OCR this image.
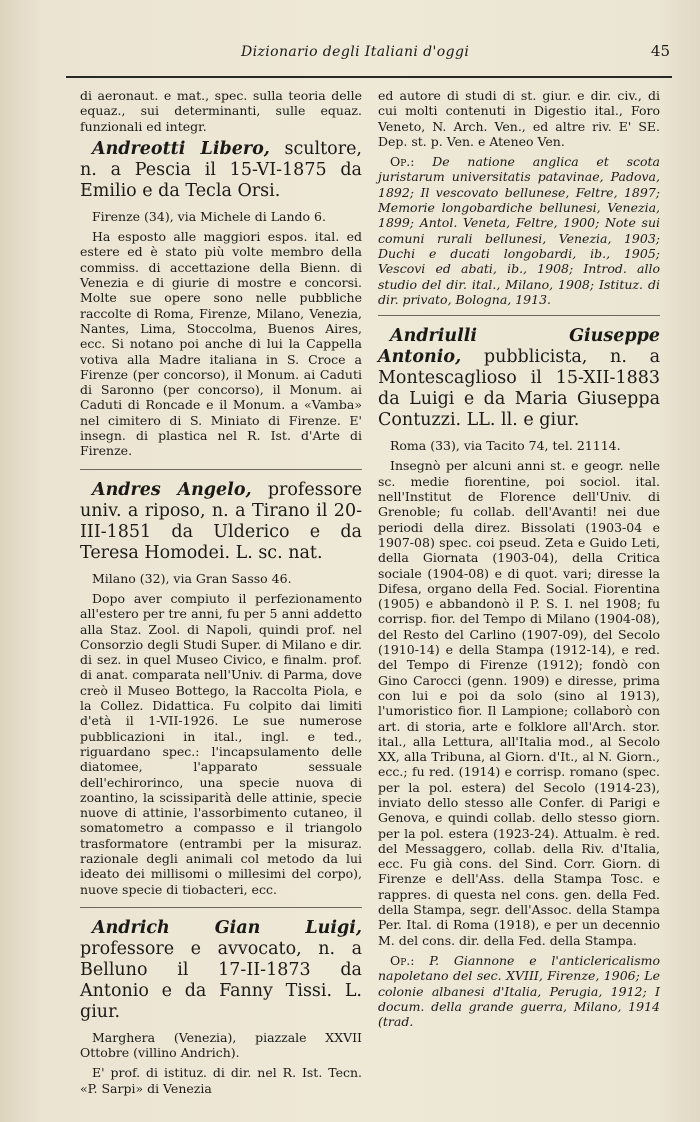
Dizionario degli Italiani d'oggi	45

di aeronaut. e mat., spec. sulla teoria delle equaz., sui determinanti, sulle equaz. funzionali ed integr.

Andreotti Libero, scultore, n. a Pescia il 15-VI-1875 da Emilio e da Tecla Orsi.

Firenze (34), via Michele di Lando 6.

Ha esposto alle maggiori espos. ital. ed estere ed è stato più volte membro della commiss. di accettazione della Bienn. di Venezia e di giurie di mostre e concorsi. Molte sue opere sono nelle pubbliche raccolte di Roma, Firenze, Milano, Venezia, Nantes, Lima, Stoccolma, Buenos Aires, ecc. Si notano poi anche di lui la Cappella votiva alla Madre italiana in S. Croce a Firenze (per concorso), il Monum. ai Caduti di Saronno (per concorso), il Monum. ai Caduti di Roncade e il Monum. a «Vamba» nel cimitero di S. Miniato di Firenze. E' insegn. di plastica nel R. Ist. d'Arte di Firenze.

Andres Angelo, professore univ. a riposo, n. a Tirano il 20-III-1851 da Ulderico e da Teresa Homodei. L. sc. nat.

Milano (32), via Gran Sasso 46.

Dopo aver compiuto il perfezionamento all'estero per tre anni, fu per 5 anni addetto alla Staz. Zool. di Napoli, quindi prof. nel Consorzio degli Studi Super. di Milano e dir. di sez. in quel Museo Civico, e finalm. prof. di anat. comparata nell'Univ. di Parma, dove creò il Museo Bottego, la Raccolta Piola, e la Collez. Didattica. Fu colpito dai limiti d'età il 1-VII-1926. Le sue numerose pubblicazioni in ital., ingl. e ted., riguardano spec.: l'incapsulamento delle diatomee, l'apparato sessuale dell'echirorinco, una specie nuova di zoantino, la scissiparità delle attinie, specie nuove di attinie, l'assorbimento cutaneo, il somatometro a compasso e il triangolo trasformatore (entrambi per la misuraz. razionale degli animali col metodo da lui ideato dei millisomi o millesimi del corpo), nuove specie di tiobacteri, ecc.

Andrich Gian Luigi, professore e avvocato, n. a Belluno il 17-II-1873 da Antonio e da Fanny Tissi. L. giur.

Marghera (Venezia), piazzale XXVII Ottobre (villino Andrich).

E' prof. di istituz. di dir. nel R. Ist. Tecn. «P. Sarpi» di Venezia

ed autore di studi di st. giur. e dir. civ., di cui molti contenuti in Digestio ital., Foro Veneto, N. Arch. Ven., ed altre riv. E' SE. Dep. st. p. Ven. e Ateneo Ven.

Op.: De natione anglica et scota juristarum universitatis patavinae, Padova, 1892; Il vescovato bellunese, Feltre, 1897; Memorie longobardiche bellunesi, Venezia, 1899; Antol. Veneta, Feltre, 1900; Note sui comuni rurali bellunesi, Venezia, 1903; Duchi e ducati longobardi, ib., 1905; Vescovi ed abati, ib., 1908; Introd. allo studio del dir. ital., Milano, 1908; Istituz. di dir. privato, Bologna, 1913.

Andriulli Giuseppe Antonio, pubblicista, n. a Montescaglioso il 15-XII-1883 da Luigi e da Maria Giuseppa Contuzzi. LL. ll. e giur.

Roma (33), via Tacito 74, tel. 21114.

Insegnò per alcuni anni st. e geogr. nelle sc. medie fiorentine, poi sociol. ital. nell'Institut de Florence dell'Univ. di Grenoble; fu collab. dell'Avanti! nei due periodi della direz. Bissolati (1903-04 e 1907-08) spec. coi pseud. Zeta e Guido Leti, della Giornata (1903-04), della Critica sociale (1904-08) e di quot. vari; diresse la Difesa, organo della Fed. Social. Fiorentina (1905) e abbandonò il P. S. I. nel 1908; fu corrisp. fior. del Tempo di Milano (1904-08), del Resto del Carlino (1907-09), del Secolo (1910-14) e della Stampa (1912-14), e red. del Tempo di Firenze (1912); fondò con Gino Carocci (genn. 1909) e diresse, prima con lui e poi da solo (sino al 1913), l'umoristico fior. Il Lampione; collaborò con art. di storia, arte e folklore all'Arch. stor. ital., alla Lettura, all'Italia mod., al Secolo XX, alla Tribuna, al Giorn. d'It., al N. Giorn., ecc.; fu red. (1914) e corrisp. romano (spec. per la pol. estera) del Secolo (1914-23), inviato dello stesso alle Confer. di Parigi e Genova, e quindi collab. dello stesso giorn. per la pol. estera (1923-24). Attualm. è red. del Messaggero, collab. della Riv. d'Italia, ecc. Fu già cons. del Sind. Corr. Giorn. di Firenze e dell'Ass. della Stampa Tosc. e rappres. di questa nel cons. gen. della Fed. della Stampa, segr. dell'Assoc. della Stampa Per. Ital. di Roma (1918), e per un decennio M. del cons. dir. della Fed. della Stampa.

Op.: P. Giannone e l'anticlericalismo napoletano del sec. XVIII, Firenze, 1906; Le colonie albanesi d'Italia, Perugia, 1912; I docum. della grande guerra, Milano, 1914 (trad.
